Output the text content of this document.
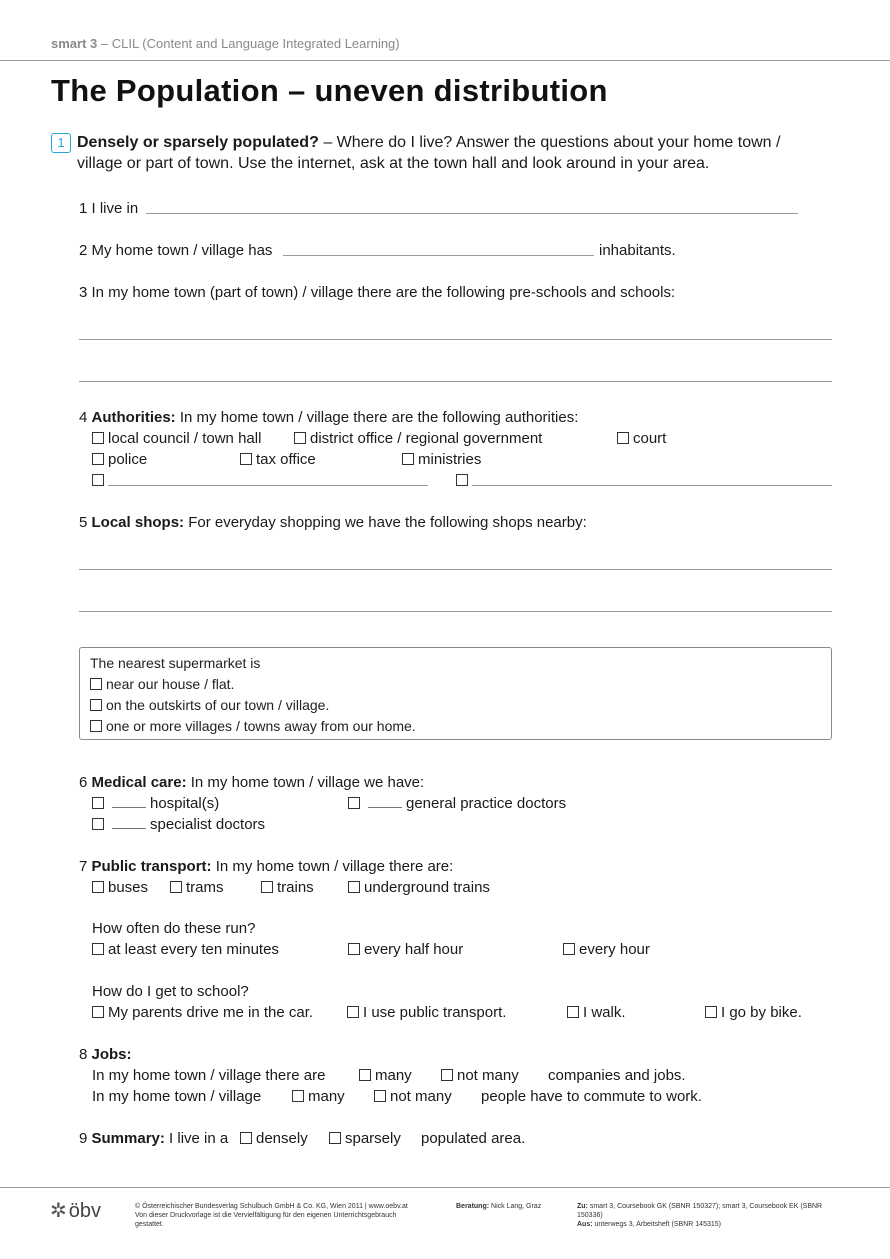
smart 3 – CLIL (Content and Language Integrated Learning)
The Population – uneven distribution
1 Densely or sparsely populated? – Where do I live? Answer the questions about your home town / village or part of town. Use the internet, ask at the town hall and look around in your area.
1 I live in
2 My home town / village has	inhabitants.
3 In my home town (part of town) / village there are the following pre-schools and schools:
4 Authorities: In my home town / village there are the following authorities:
local council / town hall	district office / regional government	court
police	tax office	ministries
5 Local shops: For everyday shopping we have the following shops nearby:
The nearest supermarket is
near our house / flat.
on the outskirts of our town / village.
one or more villages / towns away from our home.
6 Medical care: In my home town / village we have:
hospital(s)	general practice doctors
specialist doctors
7 Public transport: In my home town / village there are:
buses	trams	trains	underground trains
How often do these run?
at least every ten minutes	every half hour	every hour
How do I get to school?
My parents drive me in the car.	I use public transport.	I walk.	I go by bike.
8 Jobs:
In my home town / village there are	many	not many companies and jobs.
In my home town / village	many	not many people have to commute to work.
9 Summary: I live in a	densely	sparsely populated area.
✲ öbv	© Österreichischer Bundesverlag Schulbuch GmbH & Co. KG, Wien 2011 | www.oebv.at
Von dieser Druckvorlage ist die Vervielfältigung für den eigenen Unterrichtsgebrauch
gestattet.
Beratung: Nick Lang, Graz	Zu: smart 3, Coursebook GK (SBNR 150327); smart 3, Coursebook EK (SBNR 150336)
Aus: unterwegs 3, Arbeitsheft (SBNR 145315)
